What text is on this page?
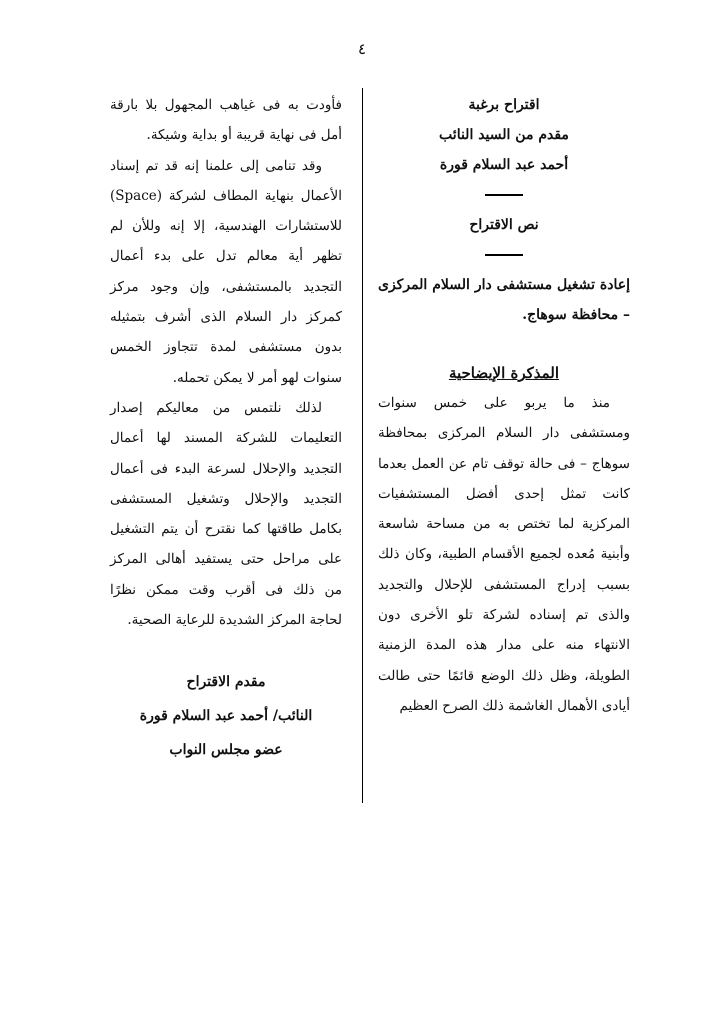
٤

اقتراح برغبة

مقدم من السيد النائب

أحمد عبد السلام قورة

نص الاقتراح

إعادة تشغيل مستشفى دار السلام المركزى – محافظة سوهاج.

المذكرة الإيضاحية

منذ ما يربو على خمس سنوات ومستشفى دار السلام المركزى بمحافظة سوهاج – فى حالة توقف تام عن العمل بعدما كانت تمثل إحدى أفضل المستشفيات المركزية لما تختص به من مساحة شاسعة وأبنية مُعده لجميع الأقسام الطبية، وكان ذلك بسبب إدراج المستشفى للإحلال والتجديد والذى تم إسناده لشركة تلو الأخرى دون الانتهاء منه على مدار هذه المدة الزمنية الطويلة، وظل ذلك الوضع قائمًا حتى طالت أيادى الأهمال الغاشمة ذلك الصرح العظيم

فأودت به فى غياهب المجهول بلا بارقة أمل فى نهاية قريبة أو بداية وشيكة.

وقد تنامى إلى علمنا إنه قد تم إسناد الأعمال بنهاية المطاف لشركة (Space) للاستشارات الهندسية، إلا إنه وللأن لم تظهر أية معالم تدل على بدء أعمال التجديد بالمستشفى، وإن وجود مركز كمركز دار السلام الذى أشرف بتمثيله بدون مستشفى لمدة تتجاوز الخمس سنوات لهو أمر لا يمكن تحمله.

لذلك نلتمس من معاليكم إصدار التعليمات للشركة المسند لها أعمال التجديد والإحلال لسرعة البدء فى أعمال التجديد والإحلال وتشغيل المستشفى بكامل طاقتها كما نقترح أن يتم التشغيل على مراحل حتى يستفيد أهالى المركز من ذلك فى أقرب وقت ممكن نظرًا لحاجة المركز الشديدة للرعاية الصحية.

مقدم الاقتراح

النائب/ أحمد عبد السلام قورة

عضو مجلس النواب
